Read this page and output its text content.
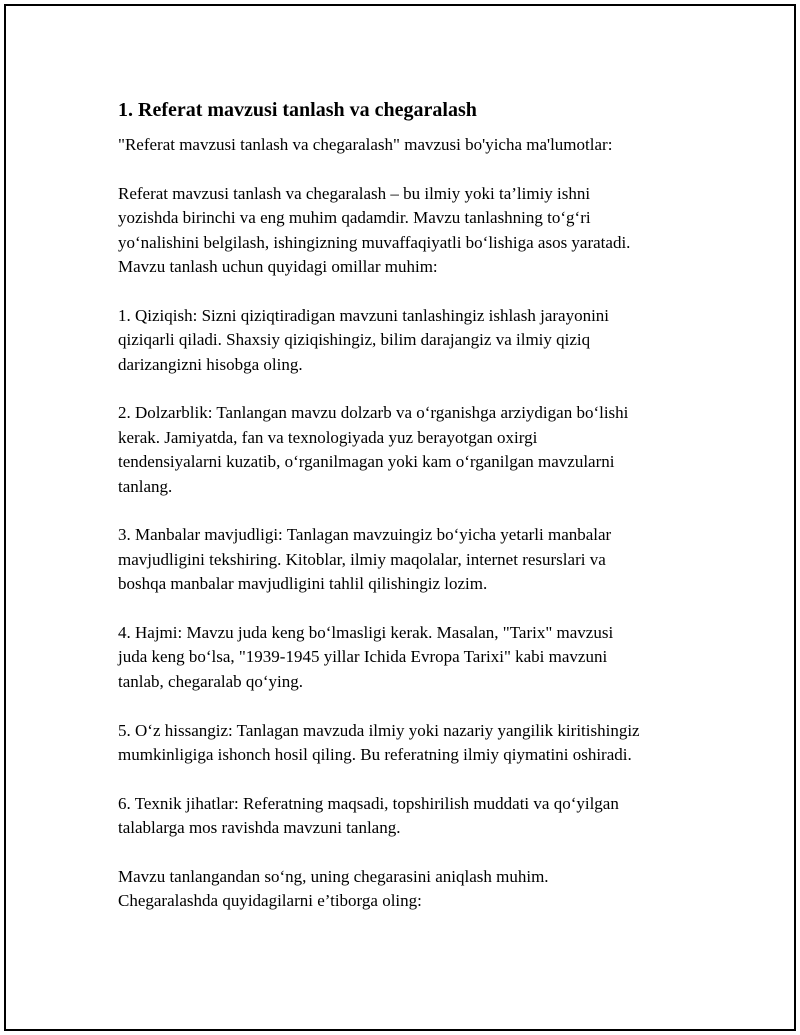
1. Referat mavzusi tanlash va chegaralash

"Referat mavzusi tanlash va chegaralash" mavzusi bo'yicha ma'lumotlar:

Referat mavzusi tanlash va chegaralash – bu ilmiy yoki ta’limiy ishni
yozishda birinchi va eng muhim qadamdir. Mavzu tanlashning to‘g‘ri
yo‘nalishini belgilash, ishingizning muvaffaqiyatli bo‘lishiga asos yaratadi.
Mavzu tanlash uchun quyidagi omillar muhim:

1. Qiziqish: Sizni qiziqtiradigan mavzuni tanlashingiz ishlash jarayonini
qiziqarli qiladi. Shaxsiy qiziqishingiz, bilim darajangiz va ilmiy qiziq
darizangizni hisobga oling.

2. Dolzarblik: Tanlangan mavzu dolzarb va o‘rganishga arziydigan bo‘lishi
kerak. Jamiyatda, fan va texnologiyada yuz berayotgan oxirgi
tendensiyalarni kuzatib, o‘rganilmagan yoki kam o‘rganilgan mavzularni
tanlang.

3. Manbalar mavjudligi: Tanlagan mavzuingiz bo‘yicha yetarli manbalar
mavjudligini tekshiring. Kitoblar, ilmiy maqolalar, internet resurslari va
boshqa manbalar mavjudligini tahlil qilishingiz lozim.

4. Hajmi: Mavzu juda keng bo‘lmasligi kerak. Masalan, "Tarix" mavzusi
juda keng bo‘lsa, "1939-1945 yillar Ichida Evropa Tarixi" kabi mavzuni
tanlab, chegaralab qo‘ying.

5. O‘z hissangiz: Tanlagan mavzuda ilmiy yoki nazariy yangilik kiritishingiz
mumkinligiga ishonch hosil qiling. Bu referatning ilmiy qiymatini oshiradi.

6. Texnik jihatlar: Referatning maqsadi, topshirilish muddati va qo‘yilgan
talablarga mos ravishda mavzuni tanlang.

Mavzu tanlangandan so‘ng, uning chegarasini aniqlash muhim.
Chegaralashda quyidagilarni e’tiborga oling:
